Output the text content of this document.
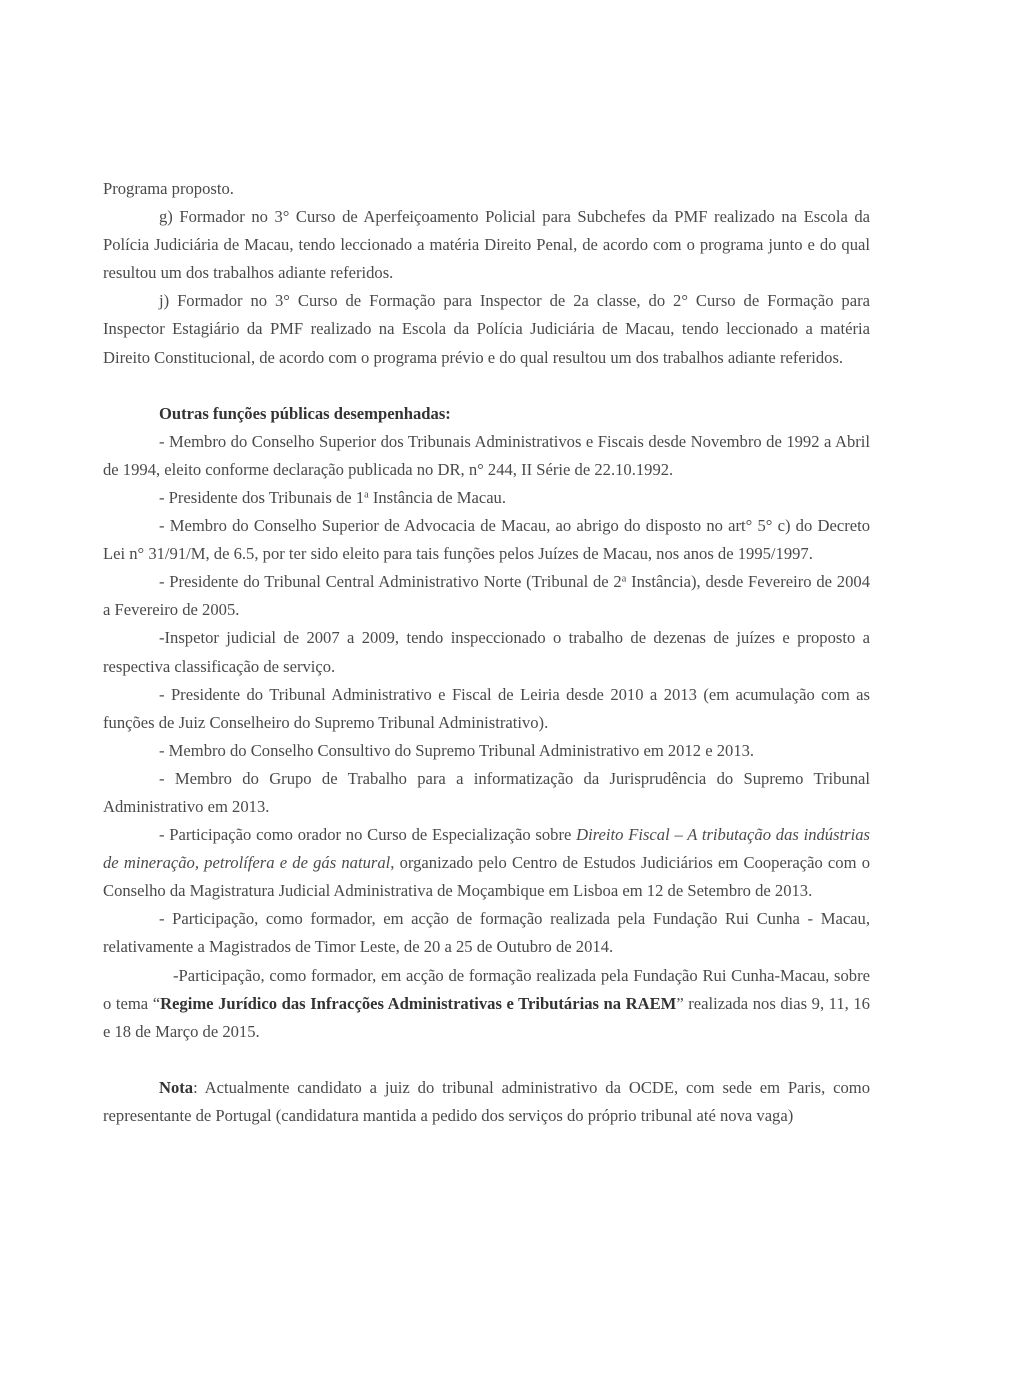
Programa proposto.

g) Formador no 3° Curso de Aperfeiçoamento Policial para Subchefes da PMF realizado na Escola da Polícia Judiciária de Macau, tendo leccionado a matéria Direito Penal, de acordo com o programa junto e do qual resultou um dos trabalhos adiante referidos.

j) Formador no 3° Curso de Formação para Inspector de 2a classe, do 2° Curso de Formação para Inspector Estagiário da PMF realizado na Escola da Polícia Judiciária de Macau, tendo leccionado a matéria Direito Constitucional, de acordo com o programa prévio e do qual resultou um dos trabalhos adiante referidos.

Outras funções públicas desempenhadas:

- Membro do Conselho Superior dos Tribunais Administrativos e Fiscais desde Novembro de 1992 a Abril de 1994, eleito conforme declaração publicada no DR, n° 244, II Série de 22.10.1992.

- Presidente dos Tribunais de 1$^a$ Instância de Macau.

- Membro do Conselho Superior de Advocacia de Macau, ao abrigo do disposto no art° 5° c) do Decreto Lei n° 31/91/M, de 6.5, por ter sido eleito para tais funções pelos Juízes de Macau, nos anos de 1995/1997.

- Presidente do Tribunal Central Administrativo Norte (Tribunal de 2$^a$ Instância), desde Fevereiro de 2004 a Fevereiro de 2005.

-Inspetor judicial de 2007 a 2009, tendo inspeccionado o trabalho de dezenas de juízes e proposto a respectiva classificação de serviço.

- Presidente do Tribunal Administrativo e Fiscal de Leiria desde 2010 a 2013 (em acumulação com as funções de Juiz Conselheiro do Supremo Tribunal Administrativo).

- Membro do Conselho Consultivo do Supremo Tribunal Administrativo em 2012 e 2013.

- Membro do Grupo de Trabalho para a informatização da Jurisprudência do Supremo Tribunal Administrativo em 2013.

- Participação como orador no Curso de Especialização sobre Direito Fiscal – A tributação das indústrias de mineração, petrolífera e de gás natural, organizado pelo Centro de Estudos Judiciários em Cooperação com o Conselho da Magistratura Judicial Administrativa de Moçambique em Lisboa em 12 de Setembro de 2013.

- Participação, como formador, em acção de formação realizada pela Fundação Rui Cunha - Macau, relativamente a Magistrados de Timor Leste, de 20 a 25 de Outubro de 2014.

-Participação, como formador, em acção de formação realizada pela Fundação Rui Cunha-Macau, sobre o tema “Regime Jurídico das Infracções Administrativas e Tributárias na RAEM” realizada nos dias 9, 11, 16 e 18 de Março de 2015.

Nota: Actualmente candidato a juiz do tribunal administrativo da OCDE, com sede em Paris, como representante de Portugal (candidatura mantida a pedido dos serviços do próprio tribunal até nova vaga)
